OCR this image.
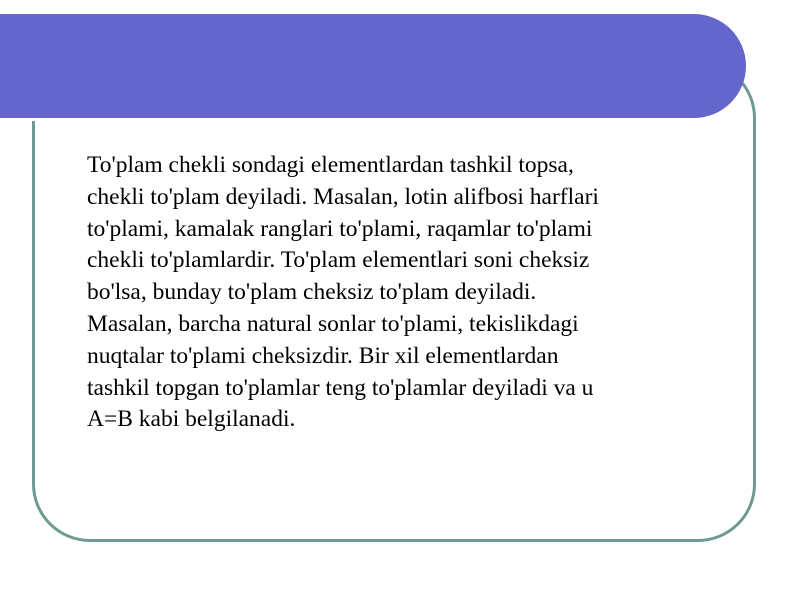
To'plam chekli sondagi elementlardan tashkil topsa,
chekli to'plam deyiladi. Masalan, lotin alifbosi harflari
to'plami, kamalak ranglari to'plami, raqamlar to'plami
chekli to'plamlardir. To'plam elementlari soni cheksiz
bo'lsa, bunday to'plam cheksiz to'plam deyiladi.
Masalan, barcha natural sonlar to'plami, tekislikdagi
nuqtalar to'plami cheksizdir. Bir xil elementlardan
tashkil topgan to'plamlar teng to'plamlar deyiladi va u
A=B kabi belgilanadi.
